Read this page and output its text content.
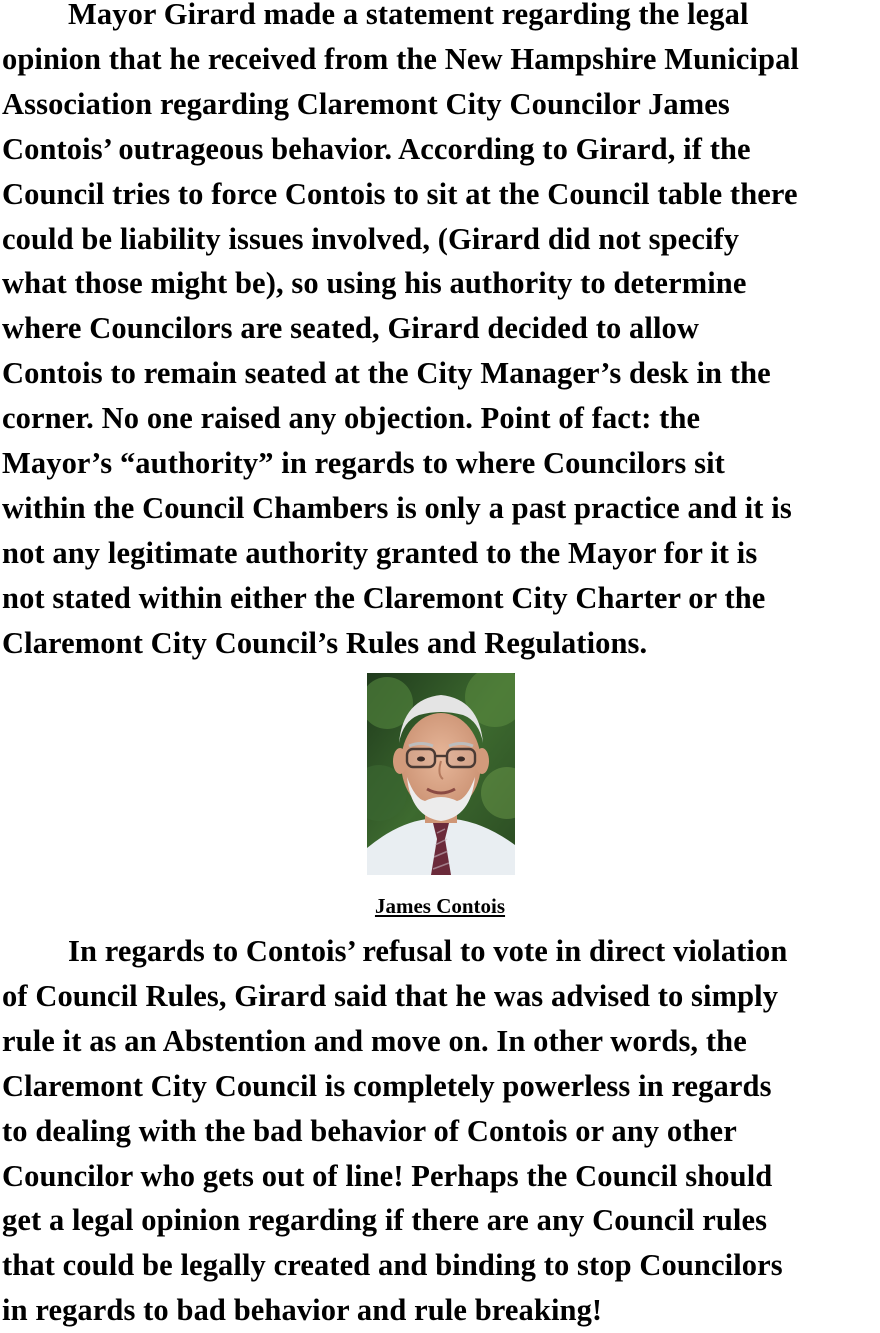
Mayor Girard made a statement regarding the legal
opinion that he received from the New Hampshire Municipal
Association regarding Claremont City Councilor James
Contois’ outrageous behavior. According to Girard, if the
Council tries to force Contois to sit at the Council table there
could be liability issues involved, (Girard did not specify
what those might be), so using his authority to determine
where Councilors are seated, Girard decided to allow
Contois to remain seated at the City Manager’s desk in the
corner. No one raised any objection. Point of fact: the
Mayor’s “authority” in regards to where Councilors sit
within the Council Chambers is only a past practice and it is
not any legitimate authority granted to the Mayor for it is
not stated within either the Claremont City Charter or the
Claremont City Council’s Rules and Regulations.

James Contois

In regards to Contois’ refusal to vote in direct violation
of Council Rules, Girard said that he was advised to simply
rule it as an Abstention and move on. In other words, the
Claremont City Council is completely powerless in regards
to dealing with the bad behavior of Contois or any other
Councilor who gets out of line! Perhaps the Council should
get a legal opinion regarding if there are any Council rules
that could be legally created and binding to stop Councilors
in regards to bad behavior and rule breaking!
